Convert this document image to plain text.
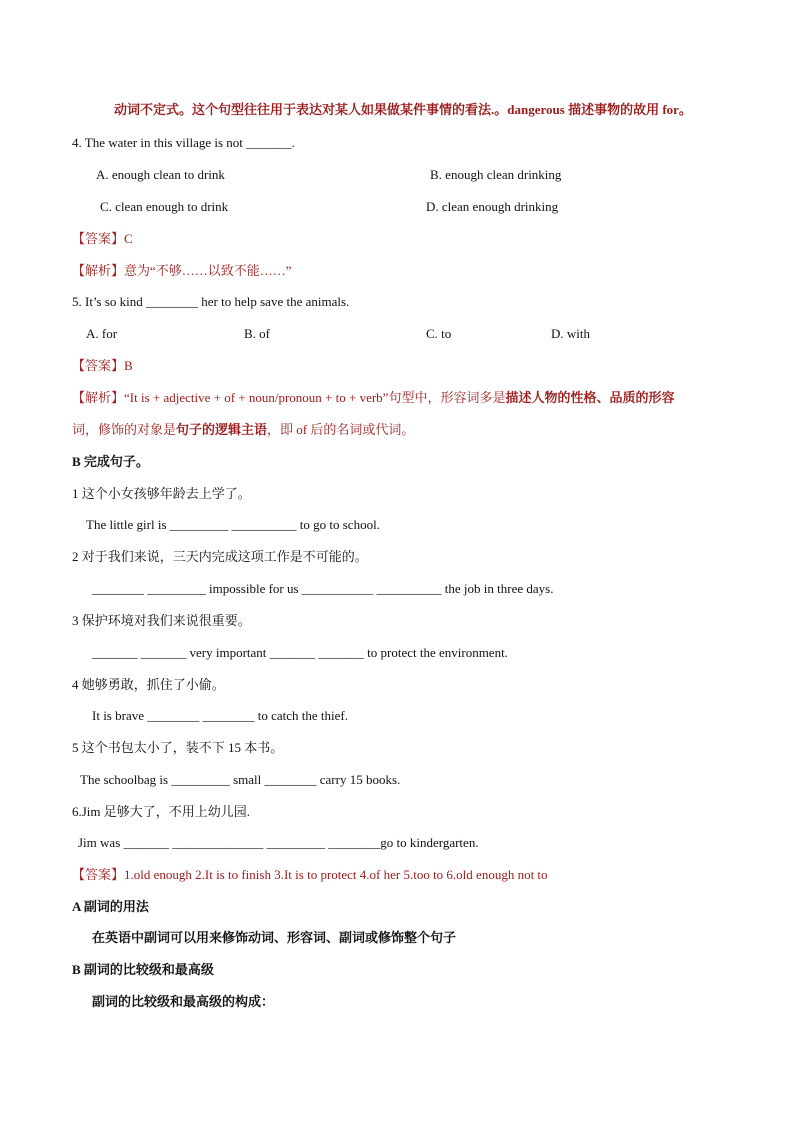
动词不定式。这个句型往往用于表达对某人如果做某件事情的看法.。dangerous 描述事物的故用 for。
4. The water in this village is not _______.
A. enough clean to drink	B. enough clean drinking
C. clean enough to drink	D. clean enough drinking
【答案】C
【解析】意为“不够……以致不能……”
5. It’s so kind ________ her to help save the animals.
A. for	B. of	C. to	D. with
【答案】B
【解析】“It is + adjective + of + noun/pronoun + to + verb”句型中，形容词多是描述人物的性格、品质的形容
词，修饰的对象是句子的逻辑主语，即 of 后的名词或代词。
B 完成句子。
1 这个小女孩够年龄去上学了。
The little girl is _________ __________ to go to school.
2 对于我们来说，三天内完成这项工作是不可能的。
________ _________ impossible for us ___________ __________ the job in three days.
3 保护环境对我们来说很重要。
_______ _______ very important _______ _______ to protect the environment.
4 她够勇敢，抓住了小偷。
It is brave ________ ________ to catch the thief.
5 这个书包太小了，装不下 15 本书。
The schoolbag is _________ small ________ carry 15 books.
6.Jim 足够大了，不用上幼儿园.
Jim was _______ ______________ _________ ________go to kindergarten.
【答案】1.old enough 2.It is to finish 3.It is to protect 4.of her 5.too to 6.old enough not to
A 副词的用法
在英语中副词可以用来修饰动词、形容词、副词或修饰整个句子
B 副词的比较级和最高级
副词的比较级和最高级的构成：
